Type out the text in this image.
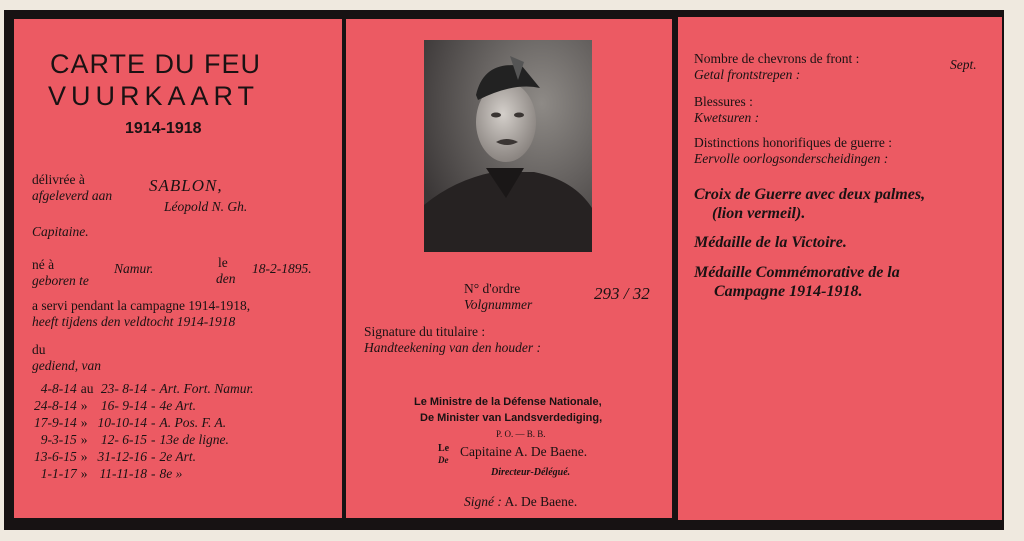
CARTE DU FEU
VUURKAART
1914-1918
délivrée à
afgeleverd aan
SABLON,
Léopold N. Gh.
Capitaine.
né à
geboren te
Namur.	le
den
18-2-1895.
a servi pendant la campagne 1914-1918,
heeft tijdens den veldtocht 1914-1918
du
gediend, van
4-8-14	au	23- 8-14	-	Art. Fort. Namur.
24-8-14	»	16- 9-14	-	4e Art.
17-9-14	»	10-10-14	-	A. Pos. F. A.
9-3-15	»	12- 6-15	-	13e de ligne.
13-6-15	»	31-12-16	-	2e Art.
1-1-17	»	11-11-18	-	8e »
N° d'ordre
Volgnummer
293 / 32
Signature du titulaire :
Handteekening van den houder :
Le Ministre de la Défense Nationale,
De Minister van Landsverdediging,
P. O. — B. B.
Le
De
Capitaine A. De Baene.
Directeur-Délégué.
Signé : A. De Baene.
Nombre de chevrons de front :
Getal frontstrepen :
Sept.
Blessures :
Kwetsuren :
Distinctions honorifiques de guerre :
Eervolle oorlogsonderscheidingen :
Croix de Guerre avec deux palmes,
(lion vermeil).
Médaille de la Victoire.
Médaille Commémorative de la
Campagne 1914-1918.
